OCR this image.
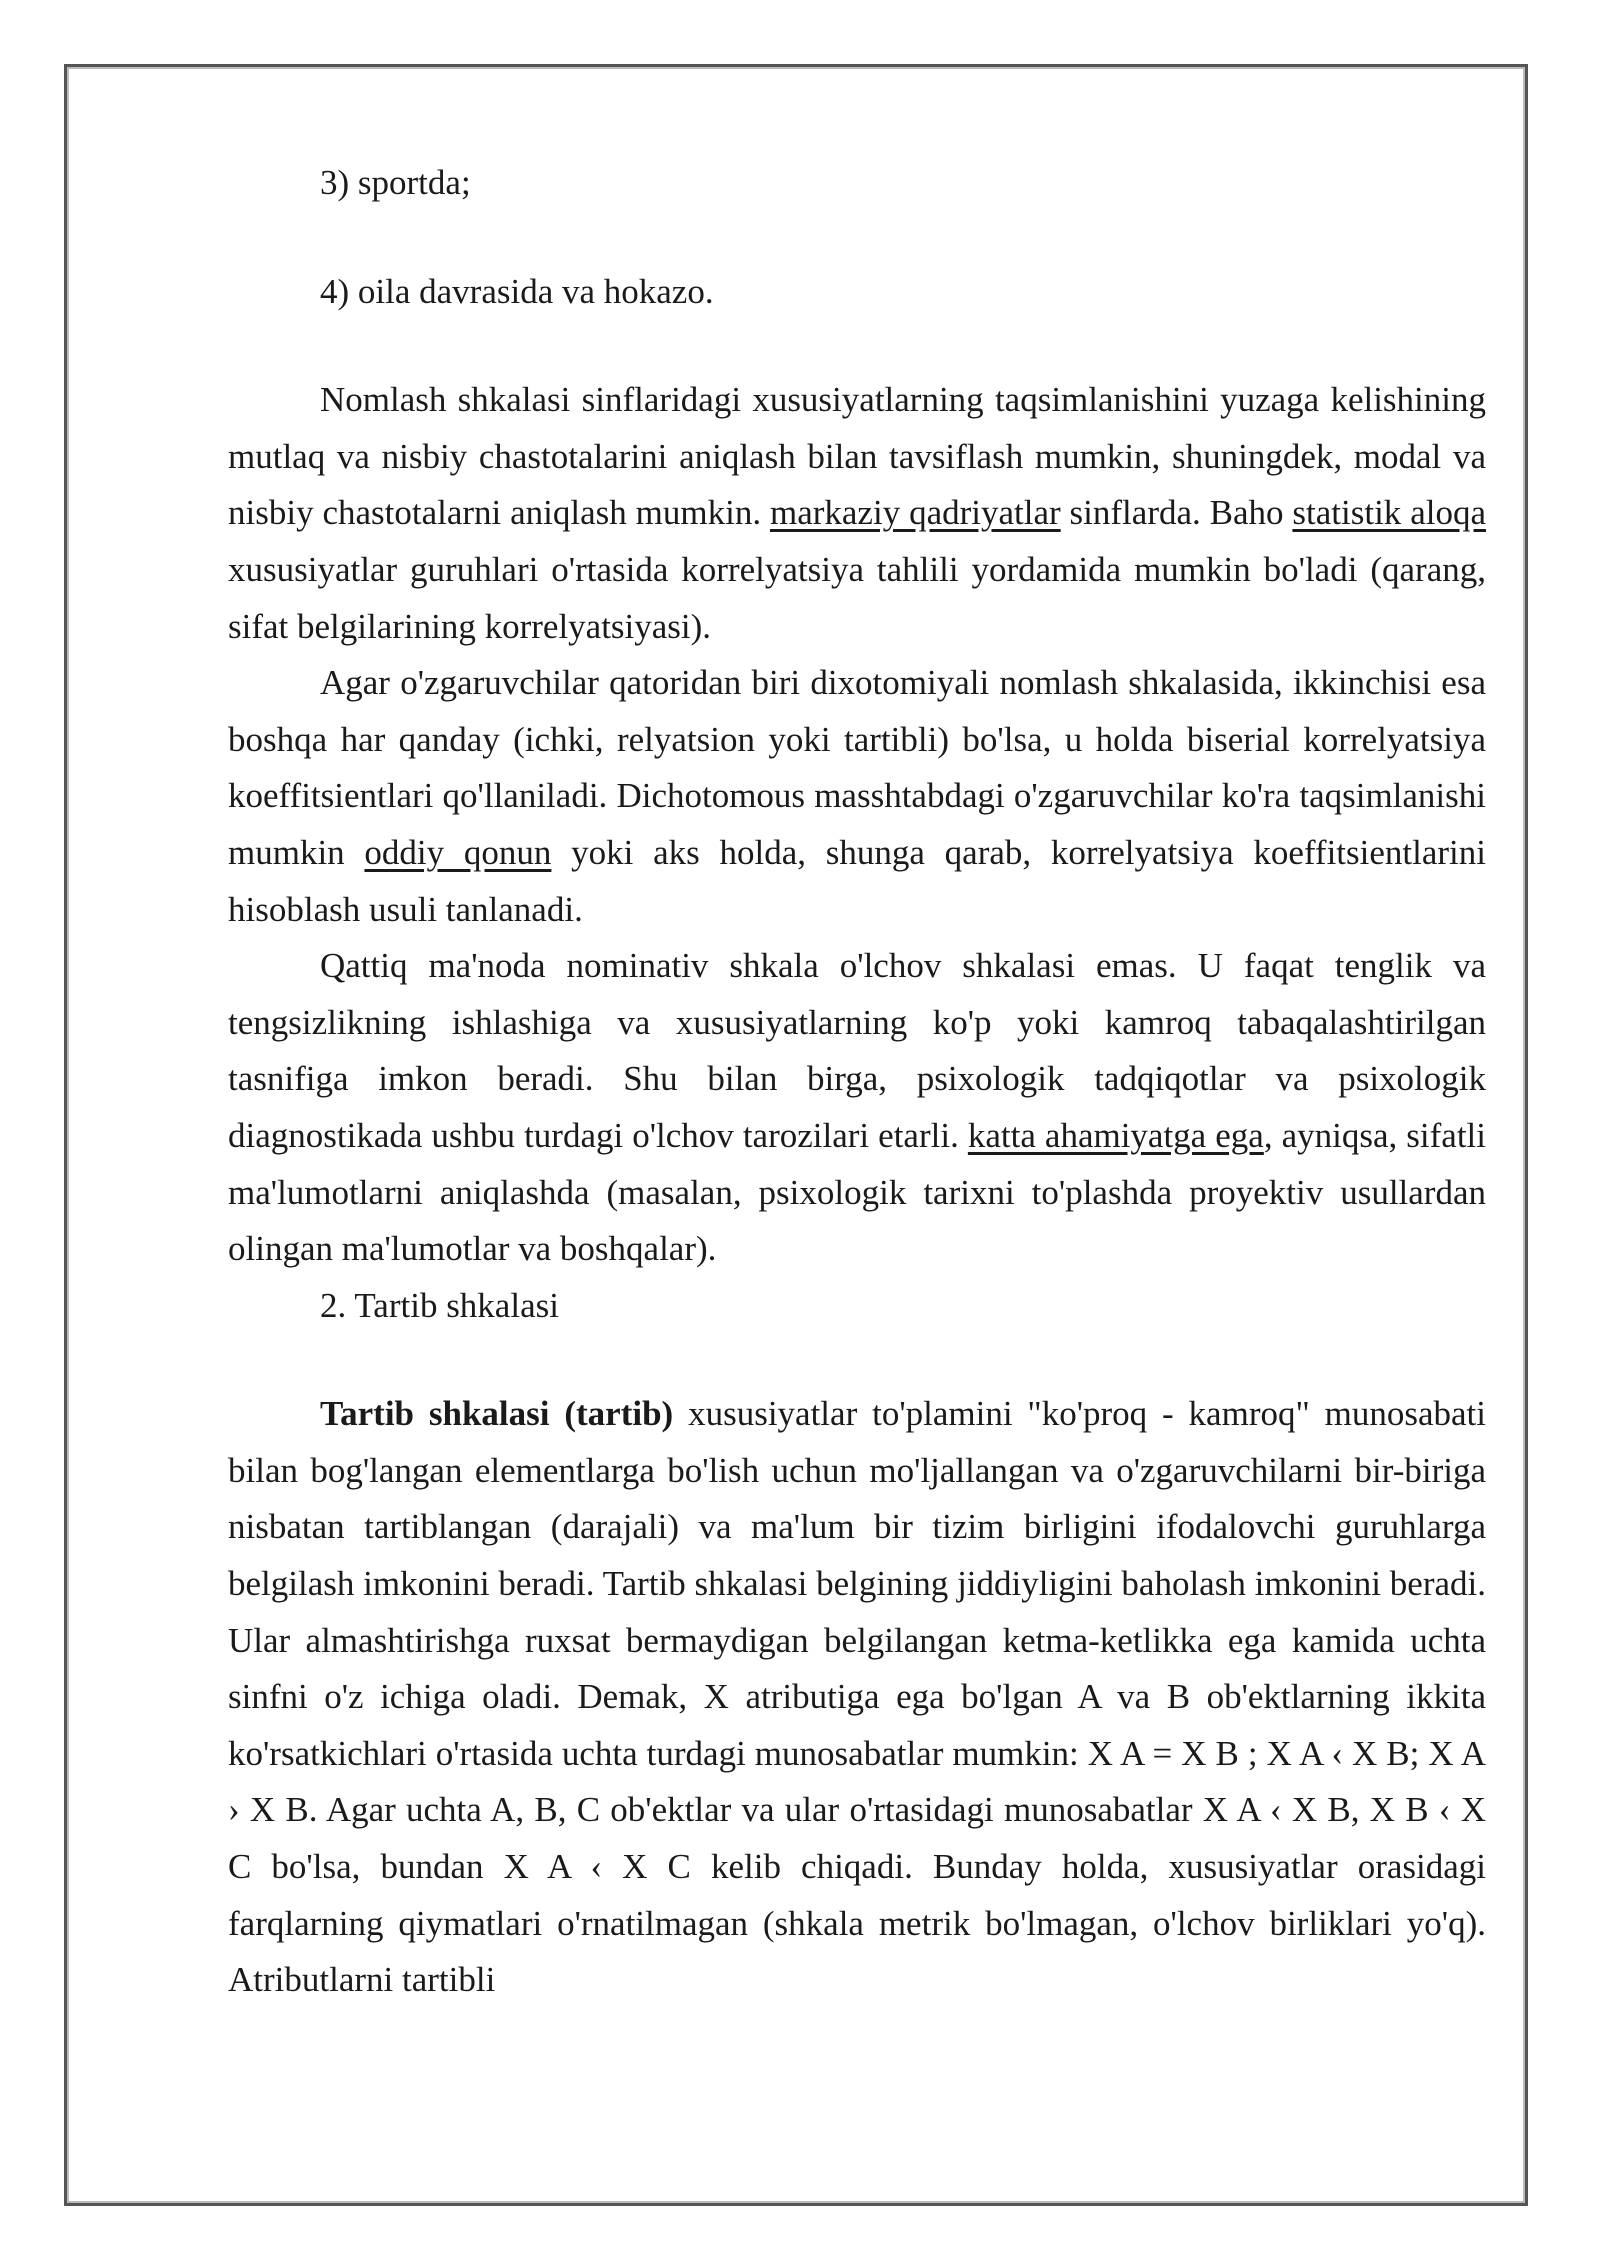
3) sportda;

4) oila davrasida va hokazo.

Nomlash shkalasi sinflaridagi xususiyatlarning taqsimlanishini yuzaga kelishining mutlaq va nisbiy chastotalarini aniqlash bilan tavsiflash mumkin, shuningdek, modal va nisbiy chastotalarni aniqlash mumkin. markaziy qadriyatlar sinflarda. Baho statistik aloqa xususiyatlar guruhlari o'rtasida korrelyatsiya tahlili yordamida mumkin bo'ladi (qarang, sifat belgilarining korrelyatsiyasi).

Agar o'zgaruvchilar qatoridan biri dixotomiyali nomlash shkalasida, ikkinchisi esa boshqa har qanday (ichki, relyatsion yoki tartibli) bo'lsa, u holda biserial korrelyatsiya koeffitsientlari qo'llaniladi. Dichotomous masshtabdagi o'zgaruvchilar ko'ra taqsimlanishi mumkin oddiy qonun yoki aks holda, shunga qarab, korrelyatsiya koeffitsientlarini hisoblash usuli tanlanadi.

Qattiq ma'noda nominativ shkala o'lchov shkalasi emas. U faqat tenglik va tengsizlikning ishlashiga va xususiyatlarning ko'p yoki kamroq tabaqalashtirilgan tasnifiga imkon beradi. Shu bilan birga, psixologik tadqiqotlar va psixologik diagnostikada ushbu turdagi o'lchov tarozilari etarli. katta ahamiyatga ega, ayniqsa, sifatli ma'lumotlarni aniqlashda (masalan, psixologik tarixni to'plashda proyektiv usullardan olingan ma'lumotlar va boshqalar).

2. Tartib shkalasi

Tartib shkalasi (tartib) xususiyatlar to'plamini "ko'proq - kamroq" munosabati bilan bog'langan elementlarga bo'lish uchun mo'ljallangan va o'zgaruvchilarni bir-biriga nisbatan tartiblangan (darajali) va ma'lum bir tizim birligini ifodalovchi guruhlarga belgilash imkonini beradi. Tartib shkalasi belgining jiddiyligini baholash imkonini beradi. Ular almashtirishga ruxsat bermaydigan belgilangan ketma-ketlikka ega kamida uchta sinfni o'z ichiga oladi. Demak, X atributiga ega bo'lgan A va B ob'ektlarning ikkita ko'rsatkichlari o'rtasida uchta turdagi munosabatlar mumkin: X A = X B ; X A ‹ X B; X A › X B. Agar uchta A, B, C ob'ektlar va ular o'rtasidagi munosabatlar X A ‹ X B, X B ‹ X C bo'lsa, bundan X A ‹ X C kelib chiqadi. Bunday holda, xususiyatlar orasidagi farqlarning qiymatlari o'rnatilmagan (shkala metrik bo'lmagan, o'lchov birliklari yo'q). Atributlarni tartibli
